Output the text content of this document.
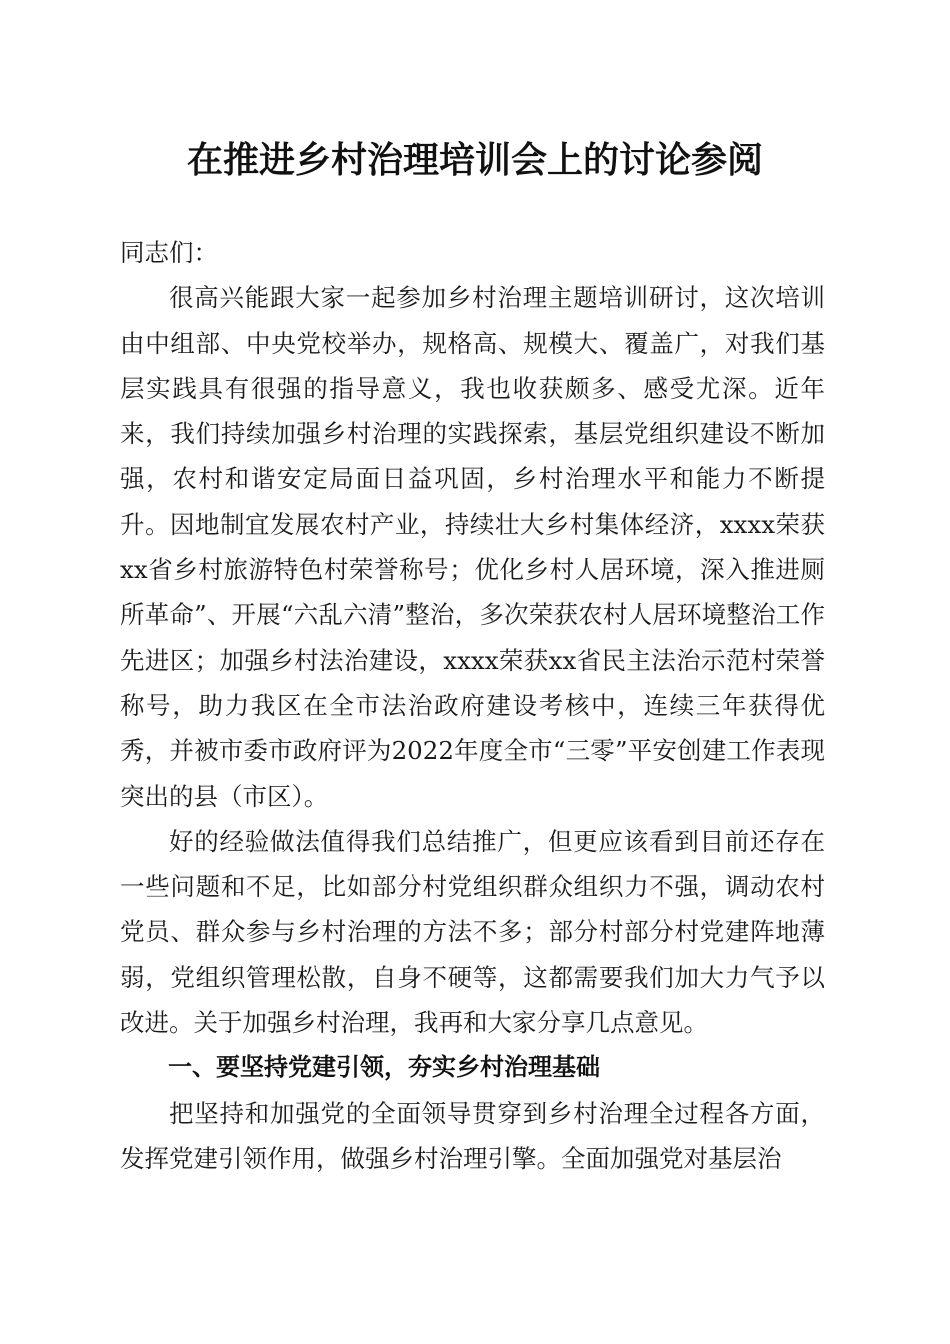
在推进乡村治理培训会上的讨论参阅

同志们：

很高兴能跟大家一起参加乡村治理主题培训研讨，这次培训由中组部、中央党校举办，规格高、规模大、覆盖广，对我们基层实践具有很强的指导意义，我也收获颇多、感受尤深。近年来，我们持续加强乡村治理的实践探索，基层党组织建设不断加强，农村和谐安定局面日益巩固，乡村治理水平和能力不断提升。因地制宜发展农村产业，持续壮大乡村集体经济，xxxx荣获xx省乡村旅游特色村荣誉称号；优化乡村人居环境，深入推进厕所革命”、开展“六乱六清”整治，多次荣获农村人居环境整治工作先进区；加强乡村法治建设，xxxx荣获xx省民主法治示范村荣誉称号，助力我区在全市法治政府建设考核中，连续三年获得优秀，并被市委市政府评为2022年度全市“三零”平安创建工作表现突出的县（市区）。

好的经验做法值得我们总结推广，但更应该看到目前还存在一些问题和不足，比如部分村党组织群众组织力不强，调动农村党员、群众参与乡村治理的方法不多；部分村部分村党建阵地薄弱，党组织管理松散，自身不硬等，这都需要我们加大力气予以改进。关于加强乡村治理，我再和大家分享几点意见。

一、要坚持党建引领，夯实乡村治理基础

把坚持和加强党的全面领导贯穿到乡村治理全过程各方面，发挥党建引领作用，做强乡村治理引擎。全面加强党对基层治
